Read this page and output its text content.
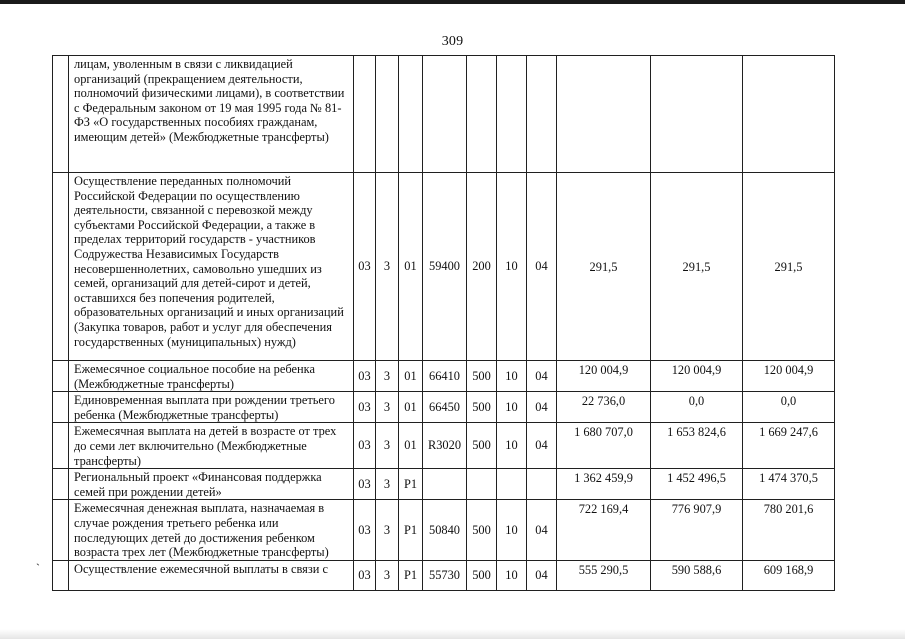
309
	лицам, уволенным в связи с ликвидацией организаций (прекращением деятельности, полномочий физическими лицами), в соответствии с Федеральным законом от 19 мая 1995 года № 81-ФЗ «О государственных пособиях гражданам, имеющим детей» (Межбюджетные трансферты)										
	Осуществление переданных полномочий Российской Федерации по осуществлению деятельности, связанной с перевозкой между субъектами Российской Федерации, а также в пределах территорий государств - участников Содружества Независимых Государств несовершеннолетних, самовольно ушедших из семей, организаций для детей-сирот и детей, оставшихся без попечения родителей, образовательных организаций и иных организаций (Закупка товаров, работ и услуг для обеспечения государственных (муниципальных) нужд)	03	3	01	59400	200	10	04	291,5	291,5	291,5
	Ежемесячное социальное пособие на ребенка (Межбюджетные трансферты)	03	3	01	66410	500	10	04	120 004,9	120 004,9	120 004,9
	Единовременная выплата при рождении третьего ребенка (Межбюджетные трансферты)	03	3	01	66450	500	10	04	22 736,0	0,0	0,0
	Ежемесячная выплата на детей в возрасте от трех до семи лет включительно (Межбюджетные трансферты)	03	3	01	R3020	500	10	04	1 680 707,0	1 653 824,6	1 669 247,6
	Региональный проект «Финансовая поддержка семей при рождении детей»	03	3	P1					1 362 459,9	1 452 496,5	1 474 370,5
	Ежемесячная денежная выплата, назначаемая в случае рождения третьего ребенка или последующих детей до достижения ребенком возраста трех лет (Межбюджетные трансферты)	03	3	P1	50840	500	10	04	722 169,4	776 907,9	780 201,6
	Осуществление ежемесячной выплаты в связи с	03	3	P1	55730	500	10	04	555 290,5	590 588,6	609 168,9
`
